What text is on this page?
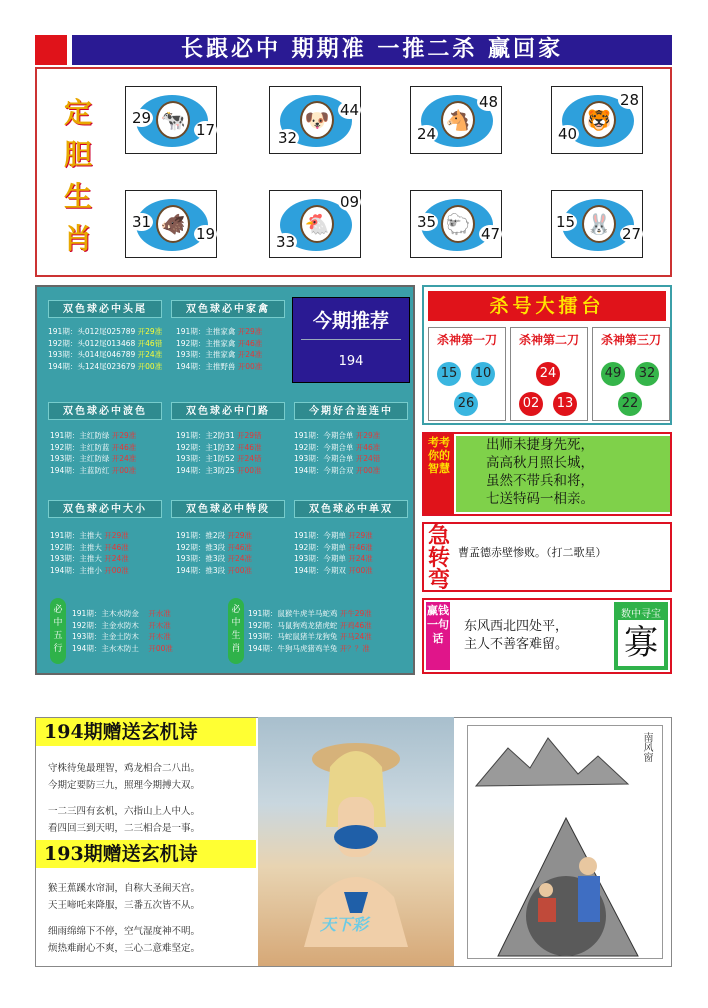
长跟必中 期期准 一推二杀 赢回家
定
胆
生
肖
🐄
29
17	🐶
32
44	🐴
24
48
🐯
40
28
🐗
31
19	🐔
33
09
🐑
35
47	🐰
15
27
双色球必中头尾
191期：头012尾025789 开29准
192期：头012尾013468 开46错
193期：头014尾046789 开24准
194期：头124尾023679 开00准
双色球必中家禽
191期：主推家禽 开29准
192期：主推家禽 开46准
193期：主推家禽 开24准
194期：主推野兽 开00准
今期推荐
194
双色球必中波色
191期：主红防绿 开29准
192期：主红防蓝 开46准
193期：主红防绿 开24准
194期：主蓝防红 开00准
双色球必中门路
191期：主2防31 开29错
192期：主1防32 开46准
193期：主1防52 开24错
194期：主3防25 开00准
今期好合连连中
191期：今期合单 开29准
192期：今期合单 开46准
193期：今期合单 开24错
194期：今期合双 开00准
双色球必中大小
191期：主推大 开29准
192期：主推大 开46准
193期：主推大 开24准
194期：主推小 开00准
双色球必中特段
191期：推2段 开29准
192期：推3段 开46准
193期：推3段 开24准
194期：推3段 开00准
双色球必中单双
191期：今期单 开29准
192期：今期单 开46准
193期：今期单 开24准
194期：今期双 开00准
必中五行
191期：主木水防金 开水准
192期：主金水防木 开木准
193期：主金土防木 开木准
194期：主水木防土 开00准
必中生肖
191期：鼠猴牛虎羊马蛇鸡 开牛29准
192期：马鼠狗鸡龙猪虎蛇 开鸡46准
193期：马蛇鼠猪羊龙狗兔 开马24准
194期：牛狗马虎猪鸡羊兔 开？？准
杀号大擂台
杀神第一刀
15 10
26
杀神第二刀
24
02 13
杀神第三刀
49 32
22
考考你的智慧
出师未捷身先死，
高高秋月照长城，
虽然不带兵和将，
七送特码一相亲。
急转弯
曹孟德赤壁惨败。（打二歌星）
赢钱一句话
东风西北四处平，
主人不善客难留。
数中寻宝
寡
194期赠送玄机诗
守株待兔最理智，鸡龙相合二八出。
今期定要防三九，照理今期搏大双。
一二三四有玄机，六指山上人中人。
看四回三到天明，二三相合是一事。
193期赠送玄机诗
猴王蕉蹊水帘洞，自称大圣闹天宫。
天王啼吒来降服，三番五次皆不从。
细雨绵绵下不停，空气湿度神不明。
烦热难耐心不爽，三心二意难坚定。
天下彩
南风窗
